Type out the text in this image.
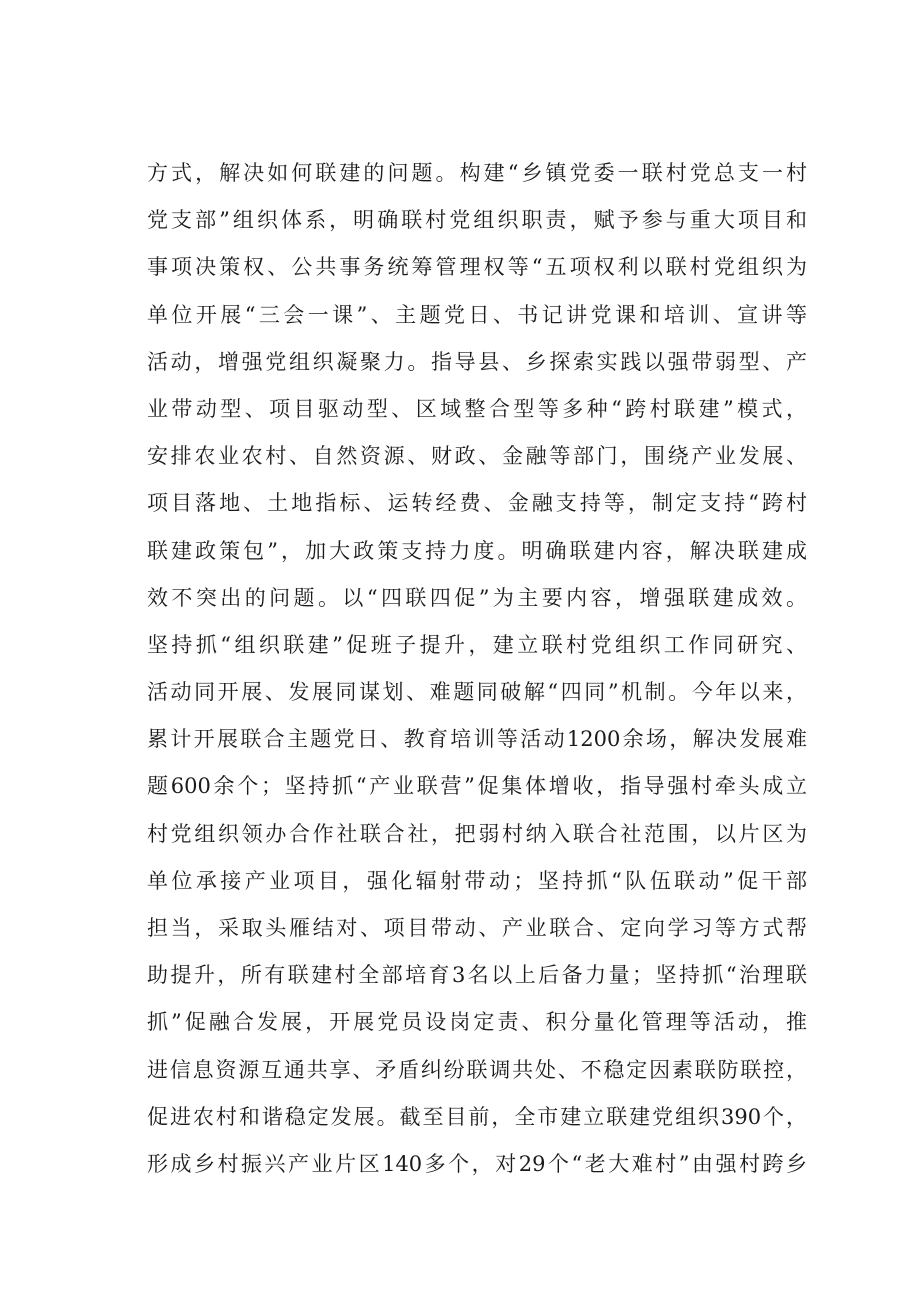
方式，解决如何联建的问题。构建“乡镇党委一联村党总支一村
党支部”组织体系，明确联村党组织职责，赋予参与重大项目和
事项决策权、公共事务统筹管理权等“五项权利以联村党组织为
单位开展“三会一课”、主题党日、书记讲党课和培训、宣讲等
活动，增强党组织凝聚力。指导县、乡探索实践以强带弱型、产
业带动型、项目驱动型、区域整合型等多种“跨村联建”模式，
安排农业农村、自然资源、财政、金融等部门，围绕产业发展、
项目落地、土地指标、运转经费、金融支持等，制定支持“跨村
联建政策包”，加大政策支持力度。明确联建内容，解决联建成
效不突出的问题。以“四联四促”为主要内容，增强联建成效。
坚持抓“组织联建”促班子提升，建立联村党组织工作同研究、
活动同开展、发展同谋划、难题同破解“四同”机制。今年以来，
累计开展联合主题党日、教育培训等活动1200余场，解决发展难
题600余个；坚持抓“产业联营”促集体增收，指导强村牵头成立
村党组织领办合作社联合社，把弱村纳入联合社范围，以片区为
单位承接产业项目，强化辐射带动；坚持抓“队伍联动”促干部
担当，采取头雁结对、项目带动、产业联合、定向学习等方式帮
助提升，所有联建村全部培育3名以上后备力量；坚持抓“治理联
抓”促融合发展，开展党员设岗定责、积分量化管理等活动，推
进信息资源互通共享、矛盾纠纷联调共处、不稳定因素联防联控，
促进农村和谐稳定发展。截至目前，全市建立联建党组织390个，
形成乡村振兴产业片区140多个，对29个“老大难村”由强村跨乡
